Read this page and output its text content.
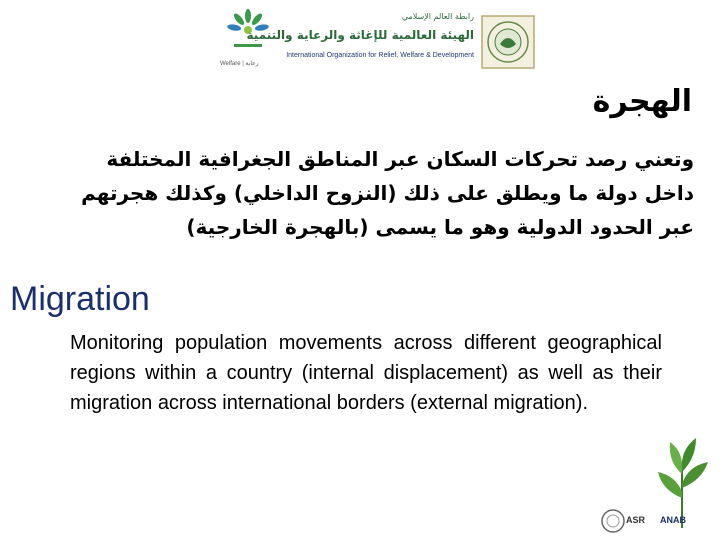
Welfare | رعاية
رابطة العالم الإسلامي
الهيئة العالمية للإغاثة والرعاية والتنمية
International Organization for Relief, Welfare & Development
الهجرة
وتعني رصد تحركات السكان عبر المناطق الجغرافية المختلفة داخل دولة ما ويطلق على ذلك (النزوح الداخلي) وكذلك هجرتهم عبر الحدود الدولية وهو ما يسمى (بالهجرة الخارجية)
Migration
Monitoring population movements across different geographical regions within a country (internal displacement) as well as their migration across international borders (external migration).
ASR ANAB
